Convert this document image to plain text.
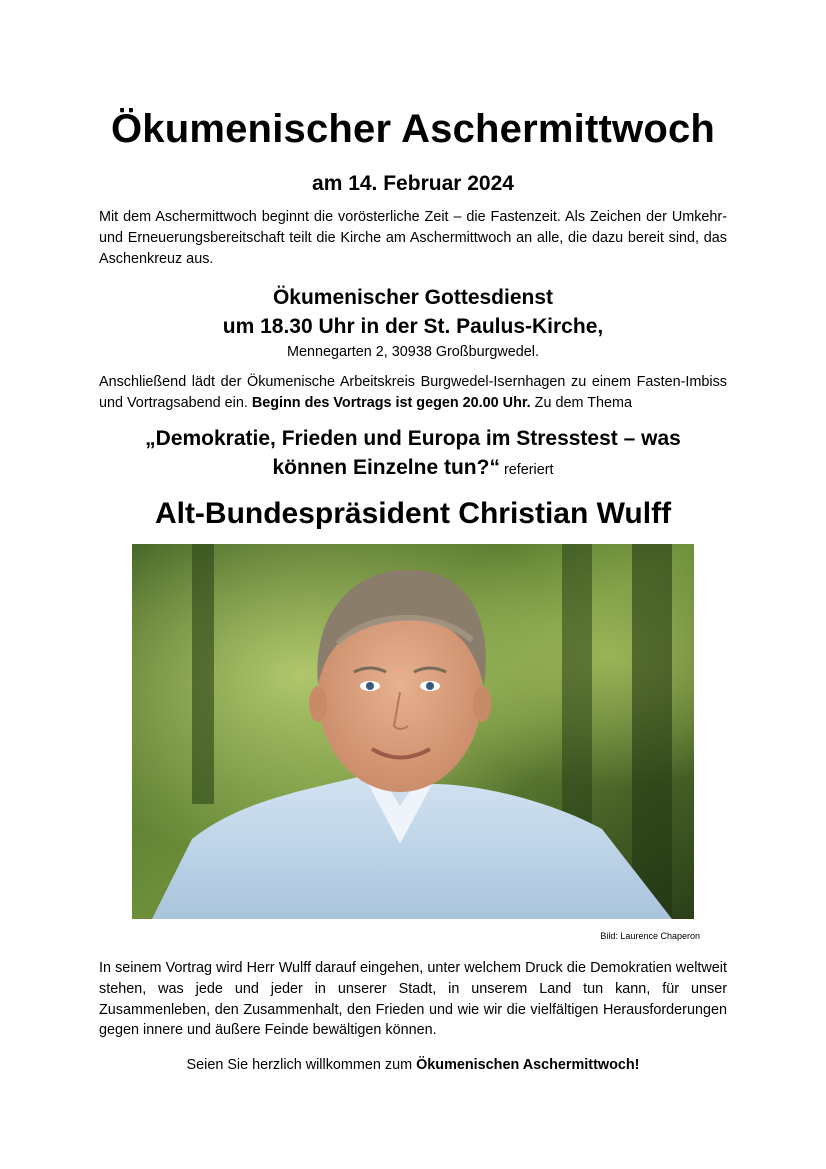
Ökumenischer Aschermittwoch
am 14. Februar 2024

Mit dem Aschermittwoch beginnt die vorösterliche Zeit – die Fastenzeit. Als Zeichen der Umkehr- und Erneuerungsbereitschaft teilt die Kirche am Aschermittwoch an alle, die dazu bereit sind, das Aschenkreuz aus.

Ökumenischer Gottesdienst
um 18.30 Uhr in der St. Paulus-Kirche,
Mennegarten 2, 30938 Großburgwedel.

Anschließend lädt der Ökumenische Arbeitskreis Burgwedel-Isernhagen zu einem Fasten-Imbiss und Vortragsabend ein. Beginn des Vortrags ist gegen 20.00 Uhr. Zu dem Thema

„Demokratie, Frieden und Europa im Stresstest – was
können Einzelne tun?“ referiert
Alt-Bundespräsident Christian Wulff
Bild: Laurence Chaperon

In seinem Vortrag wird Herr Wulff darauf eingehen, unter welchem Druck die Demokratien weltweit stehen, was jede und jeder in unserer Stadt, in unserem Land tun kann, für unser Zusammenleben, den Zusammenhalt, den Frieden und wie wir die vielfältigen Herausforderungen gegen innere und äußere Feinde bewältigen können.

Seien Sie herzlich willkommen zum Ökumenischen Aschermittwoch!
